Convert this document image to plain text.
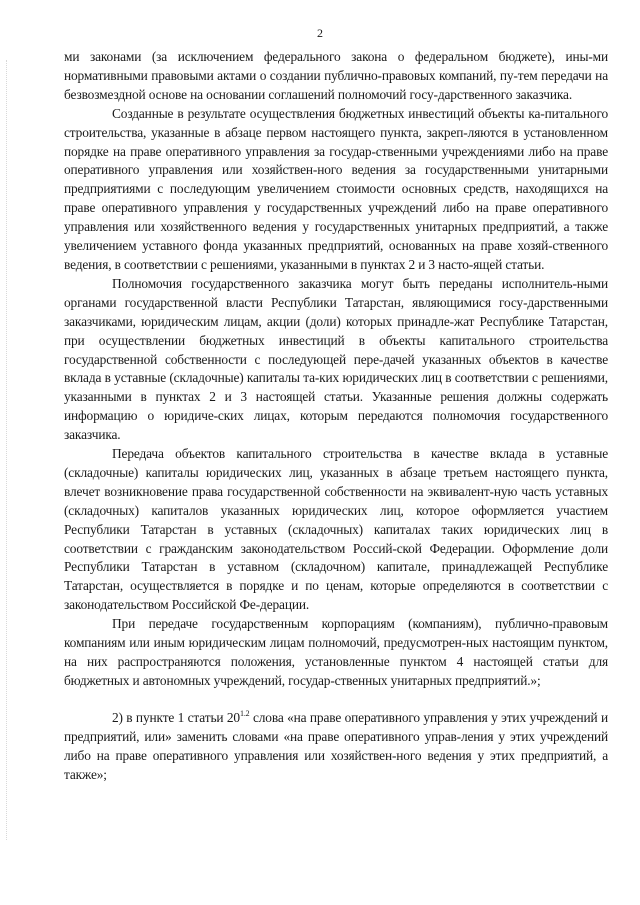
2

ми законами (за исключением федерального закона о федеральном бюджете), ины-ми нормативными правовыми актами о создании публично-правовых компаний, пу-тем передачи на безвозмездной основе на основании соглашений полномочий госу-дарственного заказчика.

Созданные в результате осуществления бюджетных инвестиций объекты ка-питального строительства, указанные в абзаце первом настоящего пункта, закреп-ляются в установленном порядке на праве оперативного управления за государ-ственными учреждениями либо на праве оперативного управления или хозяйствен-ного ведения за государственными унитарными предприятиями с последующим увеличением стоимости основных средств, находящихся на праве оперативного управления у государственных учреждений либо на праве оперативного управления или хозяйственного ведения у государственных унитарных предприятий, а также увеличением уставного фонда указанных предприятий, основанных на праве хозяй-ственного ведения, в соответствии с решениями, указанными в пунктах 2 и 3 насто-ящей статьи.

Полномочия государственного заказчика могут быть переданы исполнитель-ными органами государственной власти Республики Татарстан, являющимися госу-дарственными заказчиками, юридическим лицам, акции (доли) которых принадле-жат Республике Татарстан, при осуществлении бюджетных инвестиций в объекты капитального строительства государственной собственности с последующей пере-дачей указанных объектов в качестве вклада в уставные (складочные) капиталы та-ких юридических лиц в соответствии с решениями, указанными в пунктах 2 и 3 настоящей статьи. Указанные решения должны содержать информацию о юридиче-ских лицах, которым передаются полномочия государственного заказчика.

Передача объектов капитального строительства в качестве вклада в уставные (складочные) капиталы юридических лиц, указанных в абзаце третьем настоящего пункта, влечет возникновение права государственной собственности на эквивалент-ную часть уставных (складочных) капиталов указанных юридических лиц, которое оформляется участием Республики Татарстан в уставных (складочных) капиталах таких юридических лиц в соответствии с гражданским законодательством Россий-ской Федерации. Оформление доли Республики Татарстан в уставном (складочном) капитале, принадлежащей Республике Татарстан, осуществляется в порядке и по ценам, которые определяются в соответствии с законодательством Российской Фе-дерации.

При передаче государственным корпорациям (компаниям), публично-правовым компаниям или иным юридическим лицам полномочий, предусмотрен-ных настоящим пунктом, на них распространяются положения, установленные пунктом 4 настоящей статьи для бюджетных и автономных учреждений, государ-ственных унитарных предприятий.»;

2) в пункте 1 статьи $20^{1.2}$ слова «на праве оперативного управления у этих учреждений и предприятий, или» заменить словами «на праве оперативного управ-ления у этих учреждений либо на праве оперативного управления или хозяйствен-ного ведения у этих предприятий, а также»;
